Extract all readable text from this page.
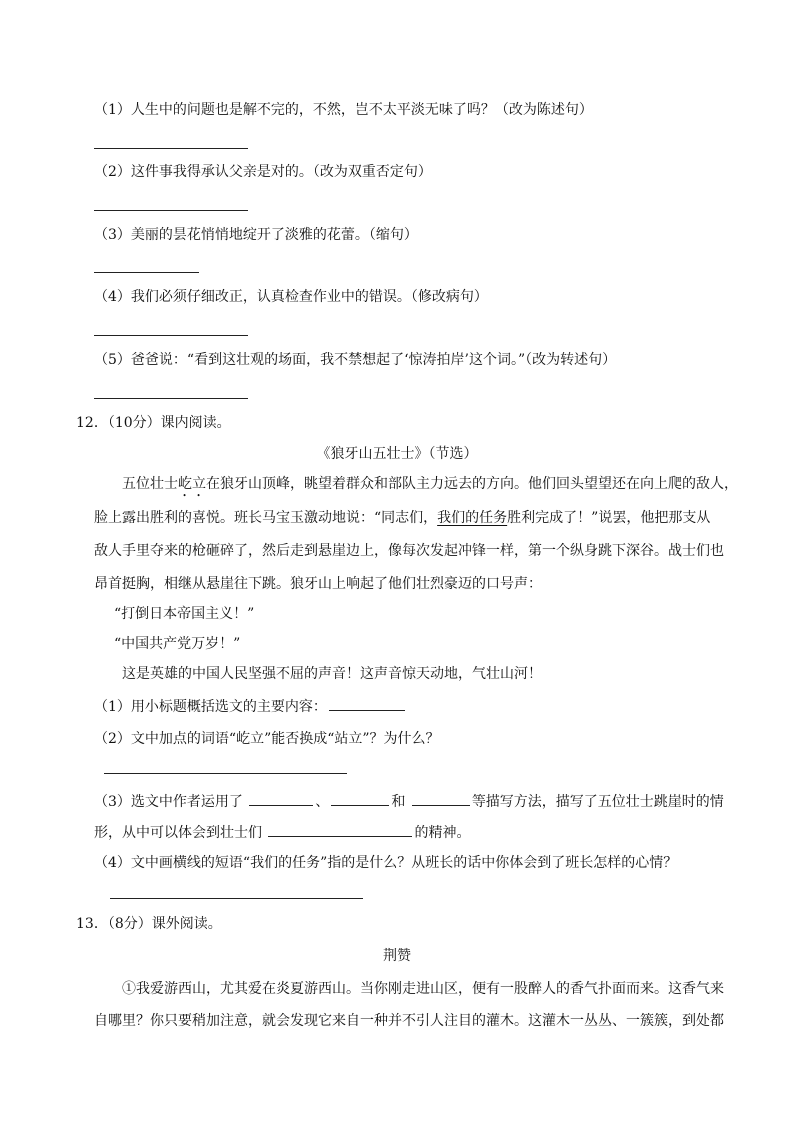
（1）人生中的问题也是解不完的，不然，岂不太平淡无味了吗？（改为陈述句）
（2）这件事我得承认父亲是对的。（改为双重否定句）
（3）美丽的昙花悄悄地绽开了淡雅的花蕾。（缩句）
（4）我们必须仔细改正，认真检查作业中的错误。（修改病句）
（5）爸爸说：“看到这壮观的场面，我不禁想起了‘惊涛拍岸’这个词。”（改为转述句）
12．（10分）课内阅读。
《狼牙山五壮士》（节选）
五位壮士屹立在狼牙山顶峰，眺望着群众和部队主力远去的方向。他们回头望望还在向上爬的敌人，
脸上露出胜利的喜悦。班长马宝玉激动地说：“同志们，我们的任务胜利完成了！”说罢，他把那支从
敌人手里夺来的枪砸碎了，然后走到悬崖边上，像每次发起冲锋一样，第一个纵身跳下深谷。战士们也
昂首挺胸，相继从悬崖往下跳。狼牙山上响起了他们壮烈豪迈的口号声：
“打倒日本帝国主义！”
“中国共产党万岁！”
这是英雄的中国人民坚强不屈的声音！这声音惊天动地，气壮山河！
（1）用小标题概括选文的主要内容：
（2）文中加点的词语“屹立”能否换成“站立”？为什么？
（3）选文中作者运用了	、	和	等描写方法，描写了五位壮士跳崖时的情
形，从中可以体会到壮士们	的精神。
（4）文中画横线的短语“我们的任务”指的是什么？从班长的话中你体会到了班长怎样的心情？
13．（8分）课外阅读。
荆赞
①我爱游西山，尤其爱在炎夏游西山。当你刚走进山区，便有一股醉人的香气扑面而来。这香气来
自哪里？你只要稍加注意，就会发现它来自一种并不引人注目的灌木。这灌木一丛丛、一簇簇，到处都
